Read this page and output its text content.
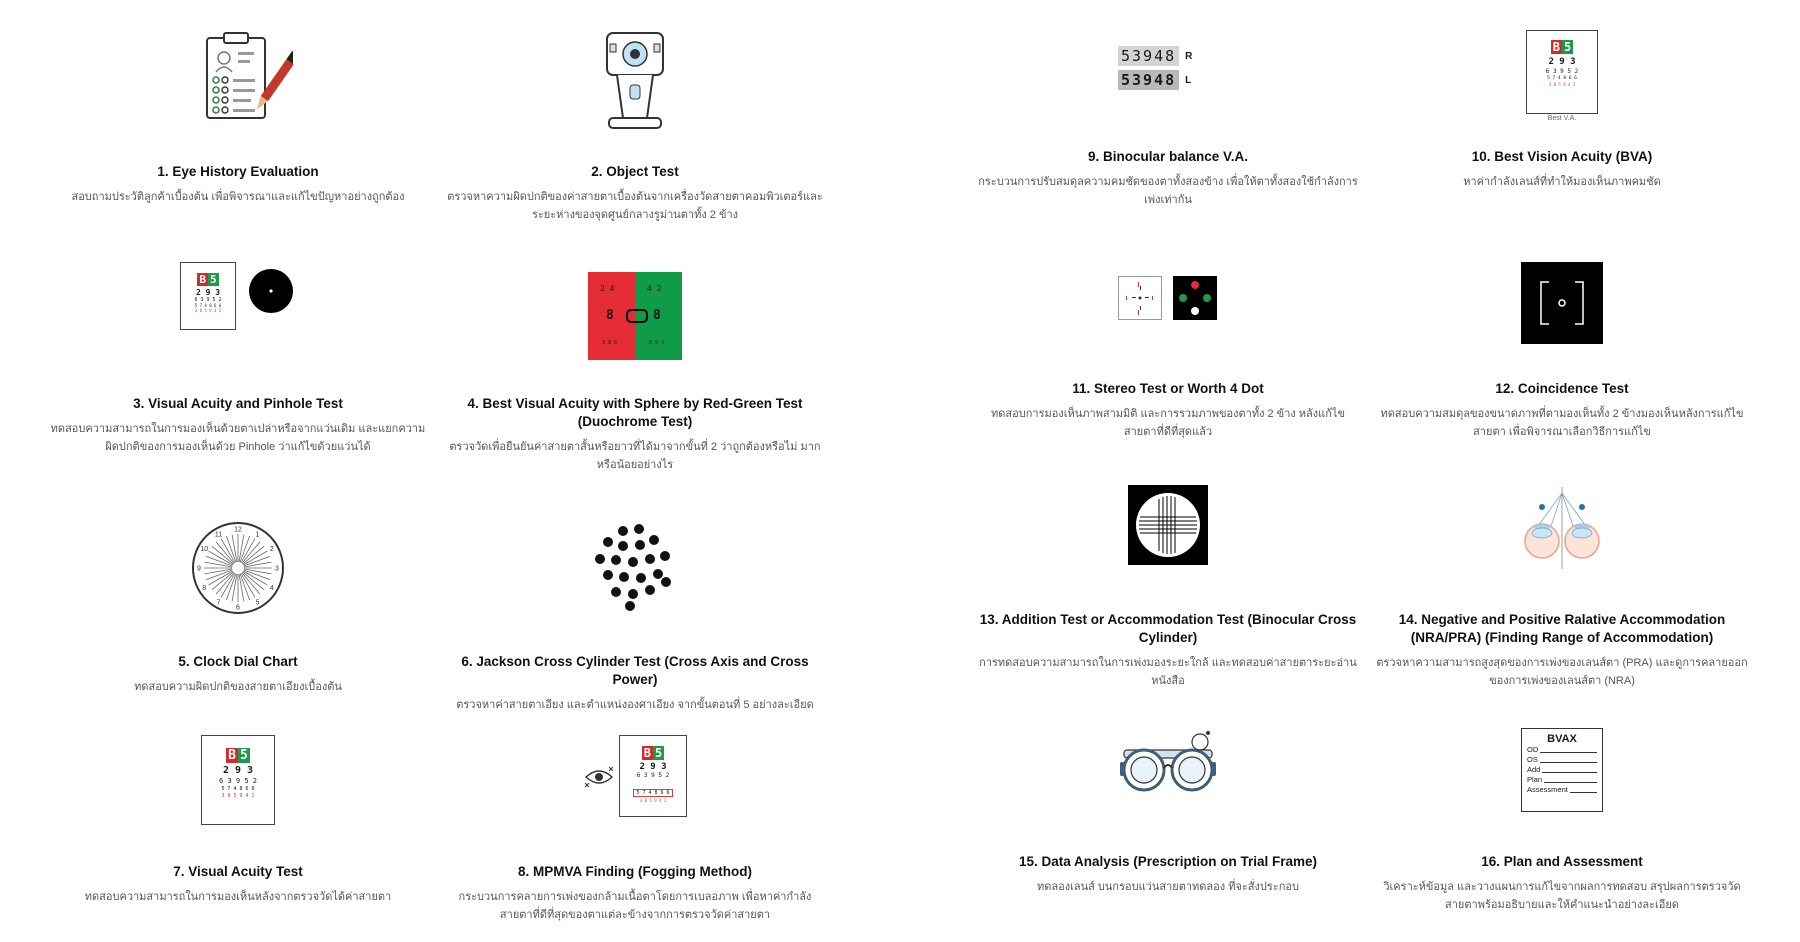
1. Eye History Evaluation
สอบถามประวัติลูกค้าเบื้องต้น เพื่อพิจารณาและแก้ไขปัญหาอย่างถูกต้อง
2. Object Test
ตรวจหาความผิดปกติของค่าสายตาเบื้องต้นจากเครื่องวัดสายตาคอมพิวเตอร์และระยะห่างของจุดศูนย์กลางรูม่านตาทั้ง 2 ข้าง
53948 R
53948 L
9. Binocular balance V.A.
กระบวนการปรับสมดุลความคมชัดของตาทั้งสองข้าง เพื่อให้ตาทั้งสองใช้กำลังการเพ่งเท่ากัน
B 5
2 9 3
6 3 9 5 2
5 7 4 8 6 6
3 8 5 9 4 2
Best V.A.
10. Best Vision Acuity (BVA)
หาค่ากำลังเลนส์ที่ทำให้มองเห็นภาพคมชัด
B 5
2 9 3
6 3 9 5 2
5 7 4 8 6 6
3 8 5 9 4 2
3. Visual Acuity and Pinhole Test
ทดสอบความสามารถในการมองเห็นด้วยตาเปล่าหรือจากแว่นเดิม และแยกความผิดปกติของการมองเห็นด้วย Pinhole ว่าแก้ไขด้วยแว่นได้
2 4
8
3 9 5
4 2
8
6 9 3
4. Best Visual Acuity with Sphere by Red-Green Test (Duochrome Test)
ตรวจวัดเพื่อยืนยันค่าสายตาสั้นหรือยาวที่ได้มาจากขั้นที่ 2 ว่าถูกต้องหรือไม่ มากหรือน้อยอย่างไร
11. Stereo Test or Worth 4 Dot
ทดสอบการมองเห็นภาพสามมิติ และการรวมภาพของตาทั้ง 2 ข้าง หลังแก้ไขสายตาที่ดีที่สุดแล้ว
12. Coincidence Test
ทดสอบความสมดุลของขนาดภาพที่ตามองเห็นทั้ง 2 ข้างมองเห็นหลังการแก้ไขสายตา เพื่อพิจารณาเลือกวิธีการแก้ไข
12
1
2
3
4
5
6
7
8
9
10
11
5. Clock Dial Chart
ทดสอบความผิดปกติของสายตาเอียงเบื้องต้น
6. Jackson Cross Cylinder Test (Cross Axis and Cross Power)
ตรวจหาค่าสายตาเอียง และตำแหน่งองศาเอียง จากขั้นตอนที่ 5 อย่างละเอียด
13. Addition Test or Accommodation Test (Binocular Cross Cylinder)
การทดสอบความสามารถในการเพ่งมองระยะใกล้ และทดสอบค่าสายตาระยะอ่านหนังสือ
14. Negative and Positive Ralative Accommodation (NRA/PRA) (Finding Range of Accommodation)
ตรวจหาความสามารถสูงสุดของการเพ่งของเลนส์ตา (PRA) และดูการคลายออกของการเพ่งของเลนส์ตา (NRA)
B 5
2 9 3
6 3 9 5 2
5 7 4 8 6 6
3 8 5 9 4 2
7. Visual Acuity Test
ทดสอบความสามารถในการมองเห็นหลังจากตรวจวัดได้ค่าสายตา
B 5
2 9 3
6 3 9 5 2
5 7 4 8 6 6
3 8 5 9 4 2
8. MPMVA Finding (Fogging Method)
กระบวนการคลายการเพ่งของกล้ามเนื้อตาโดยการเบลอภาพ เพื่อหาค่ากำลังสายตาที่ดีที่สุดของตาแต่ละข้างจากการตรวจวัดค่าสายตา
15. Data Analysis (Prescription on Trial Frame)
ทดลองเลนส์ บนกรอบแว่นสายตาทดลอง ที่จะสั่งประกอบ
BVAX
OD
OS
Add
Plan
Assessment
16. Plan and Assessment
วิเคราะห์ข้อมูล และวางแผนการแก้ไขจากผลการทดสอบ สรุปผลการตรวจวัดสายตาพร้อมอธิบายและให้คำแนะนำอย่างละเอียด
